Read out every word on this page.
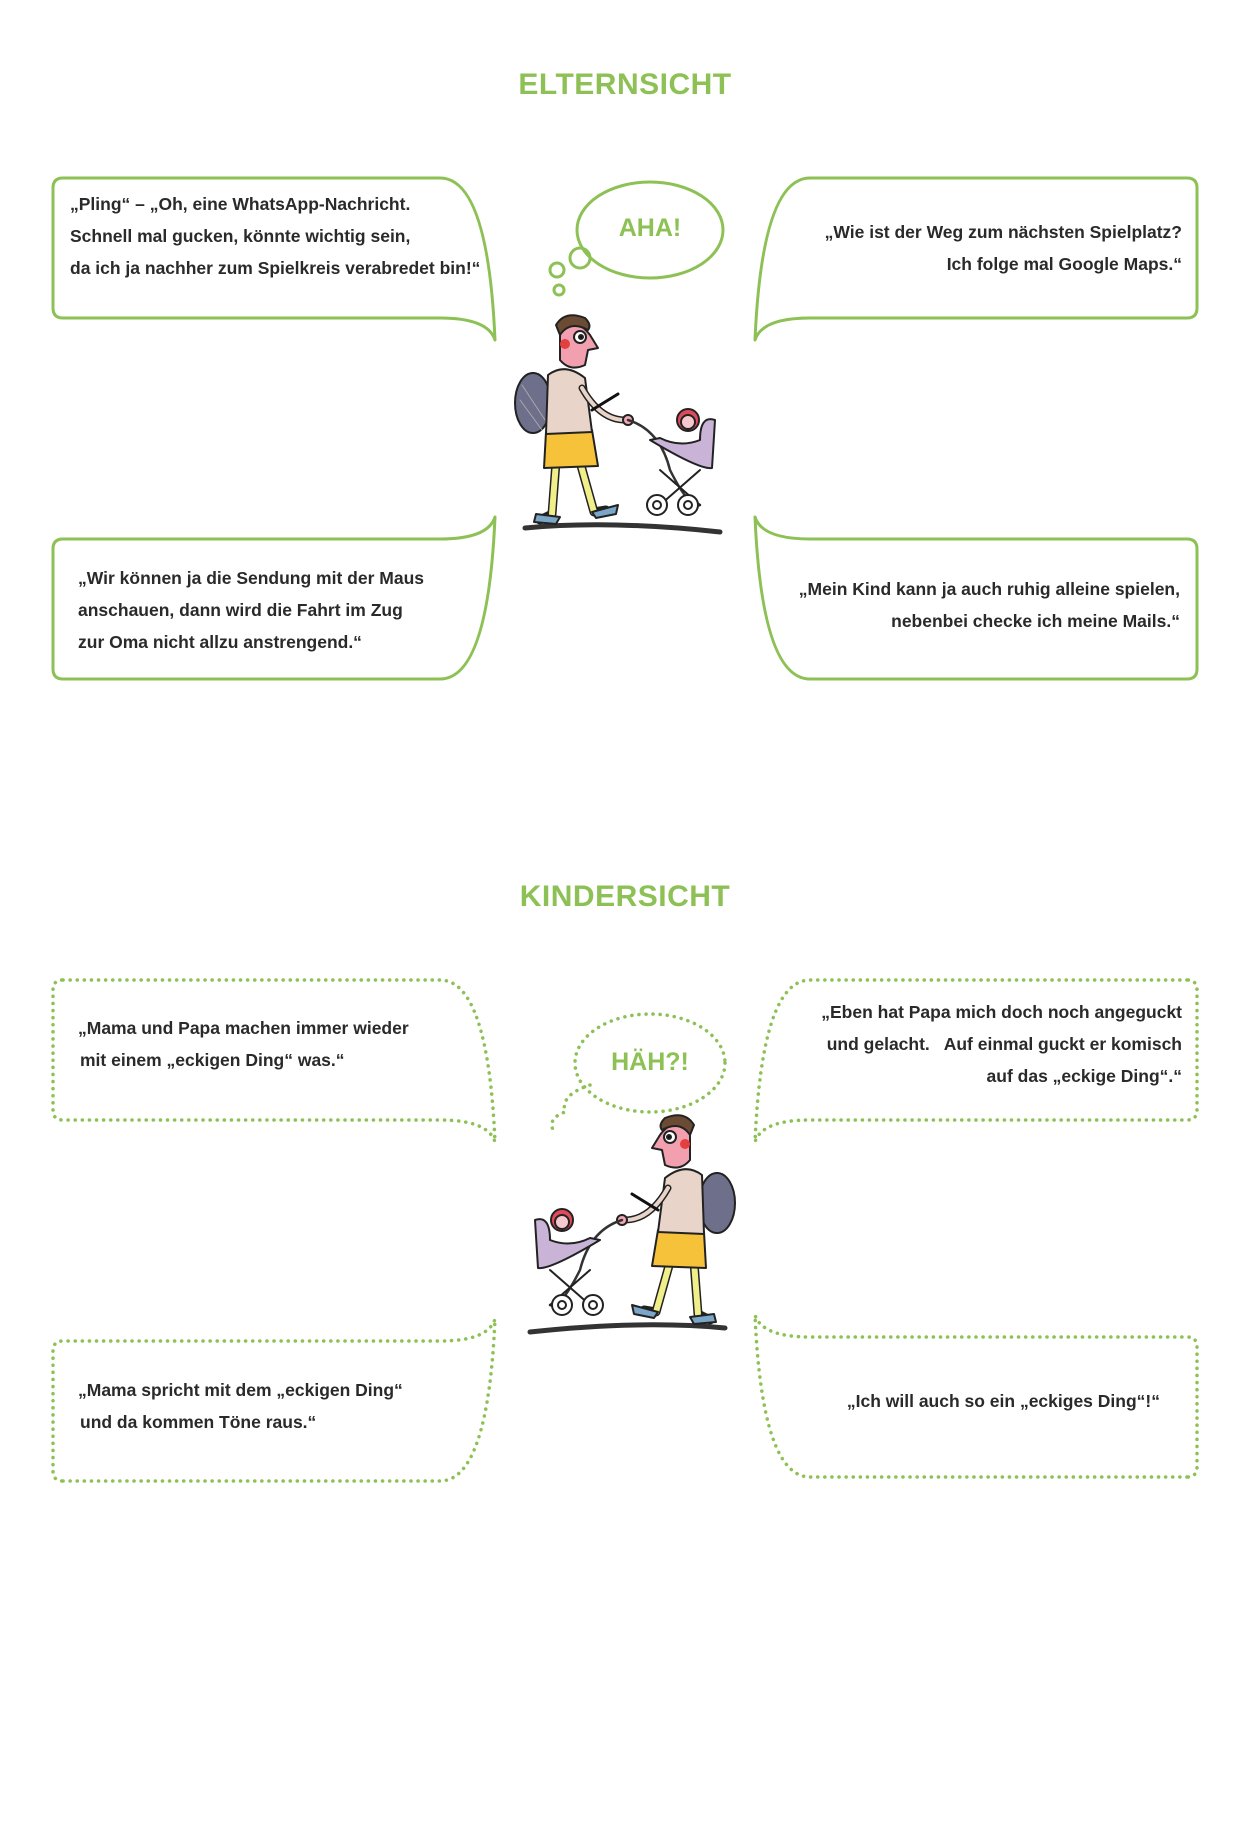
ELTERNSICHT
KINDERSICHT
AHA!
HÄH?!
„Pling“ – „Oh, eine WhatsApp-Nachricht.
Schnell mal gucken, könnte wichtig sein,
da ich ja nachher zum Spielkreis verabredet bin!“
„Wie ist der Weg zum nächsten Spielplatz?
Ich folge mal Google Maps.“
„Wir können ja die Sendung mit der Maus
anschauen, dann wird die Fahrt im Zug
zur Oma nicht allzu anstrengend.“
„Mein Kind kann ja auch ruhig alleine spielen,
nebenbei checke ich meine Mails.“
„Mama und Papa machen immer wieder
mit einem „eckigen Ding“ was.“
„Eben hat Papa mich doch noch angeguckt
und gelacht.   Auf einmal guckt er komisch
auf das „eckige Ding“.“
„Mama spricht mit dem „eckigen Ding“
und da kommen Töne raus.“
„Ich will auch so ein „eckiges Ding“!“
